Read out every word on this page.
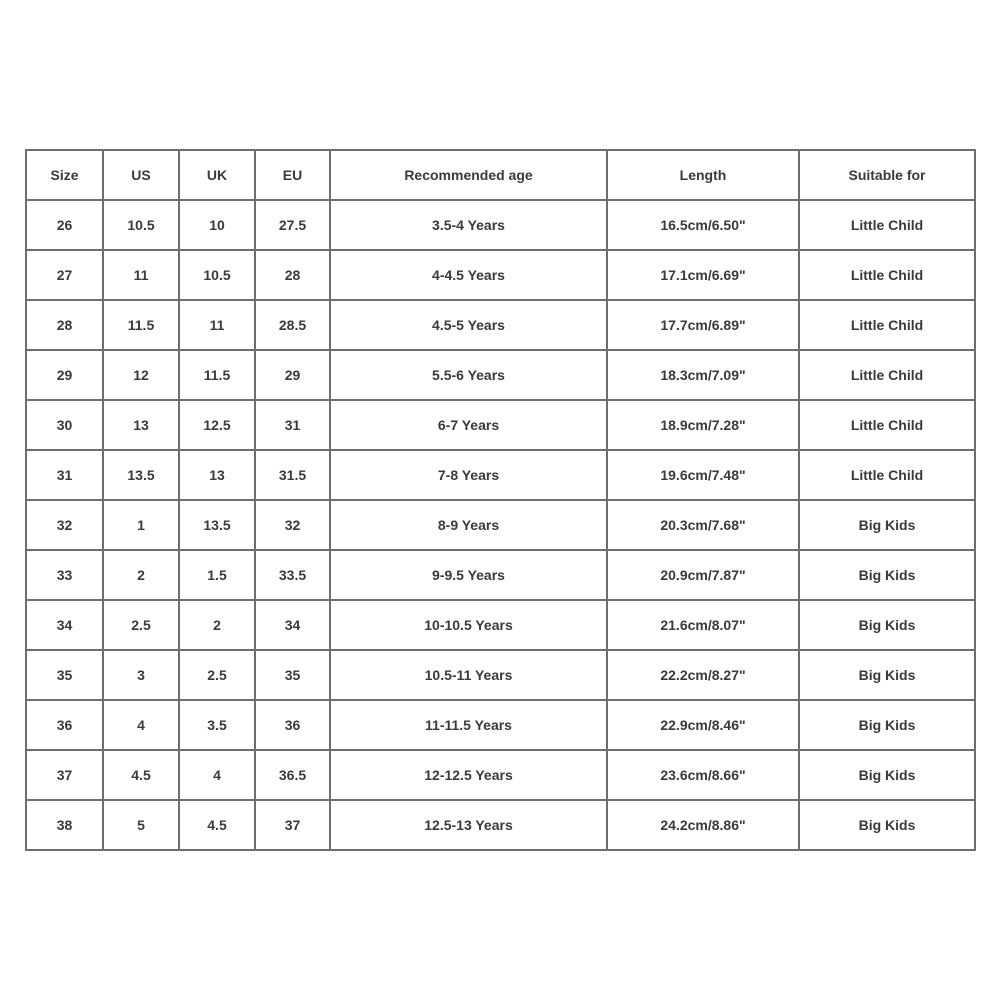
Size	US	UK	EU	Recommended age	Length	Suitable for
26	10.5	10	27.5	3.5-4 Years	16.5cm/6.50"	Little Child
27	11	10.5	28	4-4.5 Years	17.1cm/6.69"	Little Child
28	11.5	11	28.5	4.5-5 Years	17.7cm/6.89"	Little Child
29	12	11.5	29	5.5-6 Years	18.3cm/7.09"	Little Child
30	13	12.5	31	6-7 Years	18.9cm/7.28"	Little Child
31	13.5	13	31.5	7-8 Years	19.6cm/7.48"	Little Child
32	1	13.5	32	8-9 Years	20.3cm/7.68"	Big Kids
33	2	1.5	33.5	9-9.5 Years	20.9cm/7.87"	Big Kids
34	2.5	2	34	10-10.5 Years	21.6cm/8.07"	Big Kids
35	3	2.5	35	10.5-11 Years	22.2cm/8.27"	Big Kids
36	4	3.5	36	11-11.5 Years	22.9cm/8.46"	Big Kids
37	4.5	4	36.5	12-12.5 Years	23.6cm/8.66"	Big Kids
38	5	4.5	37	12.5-13 Years	24.2cm/8.86"	Big Kids
